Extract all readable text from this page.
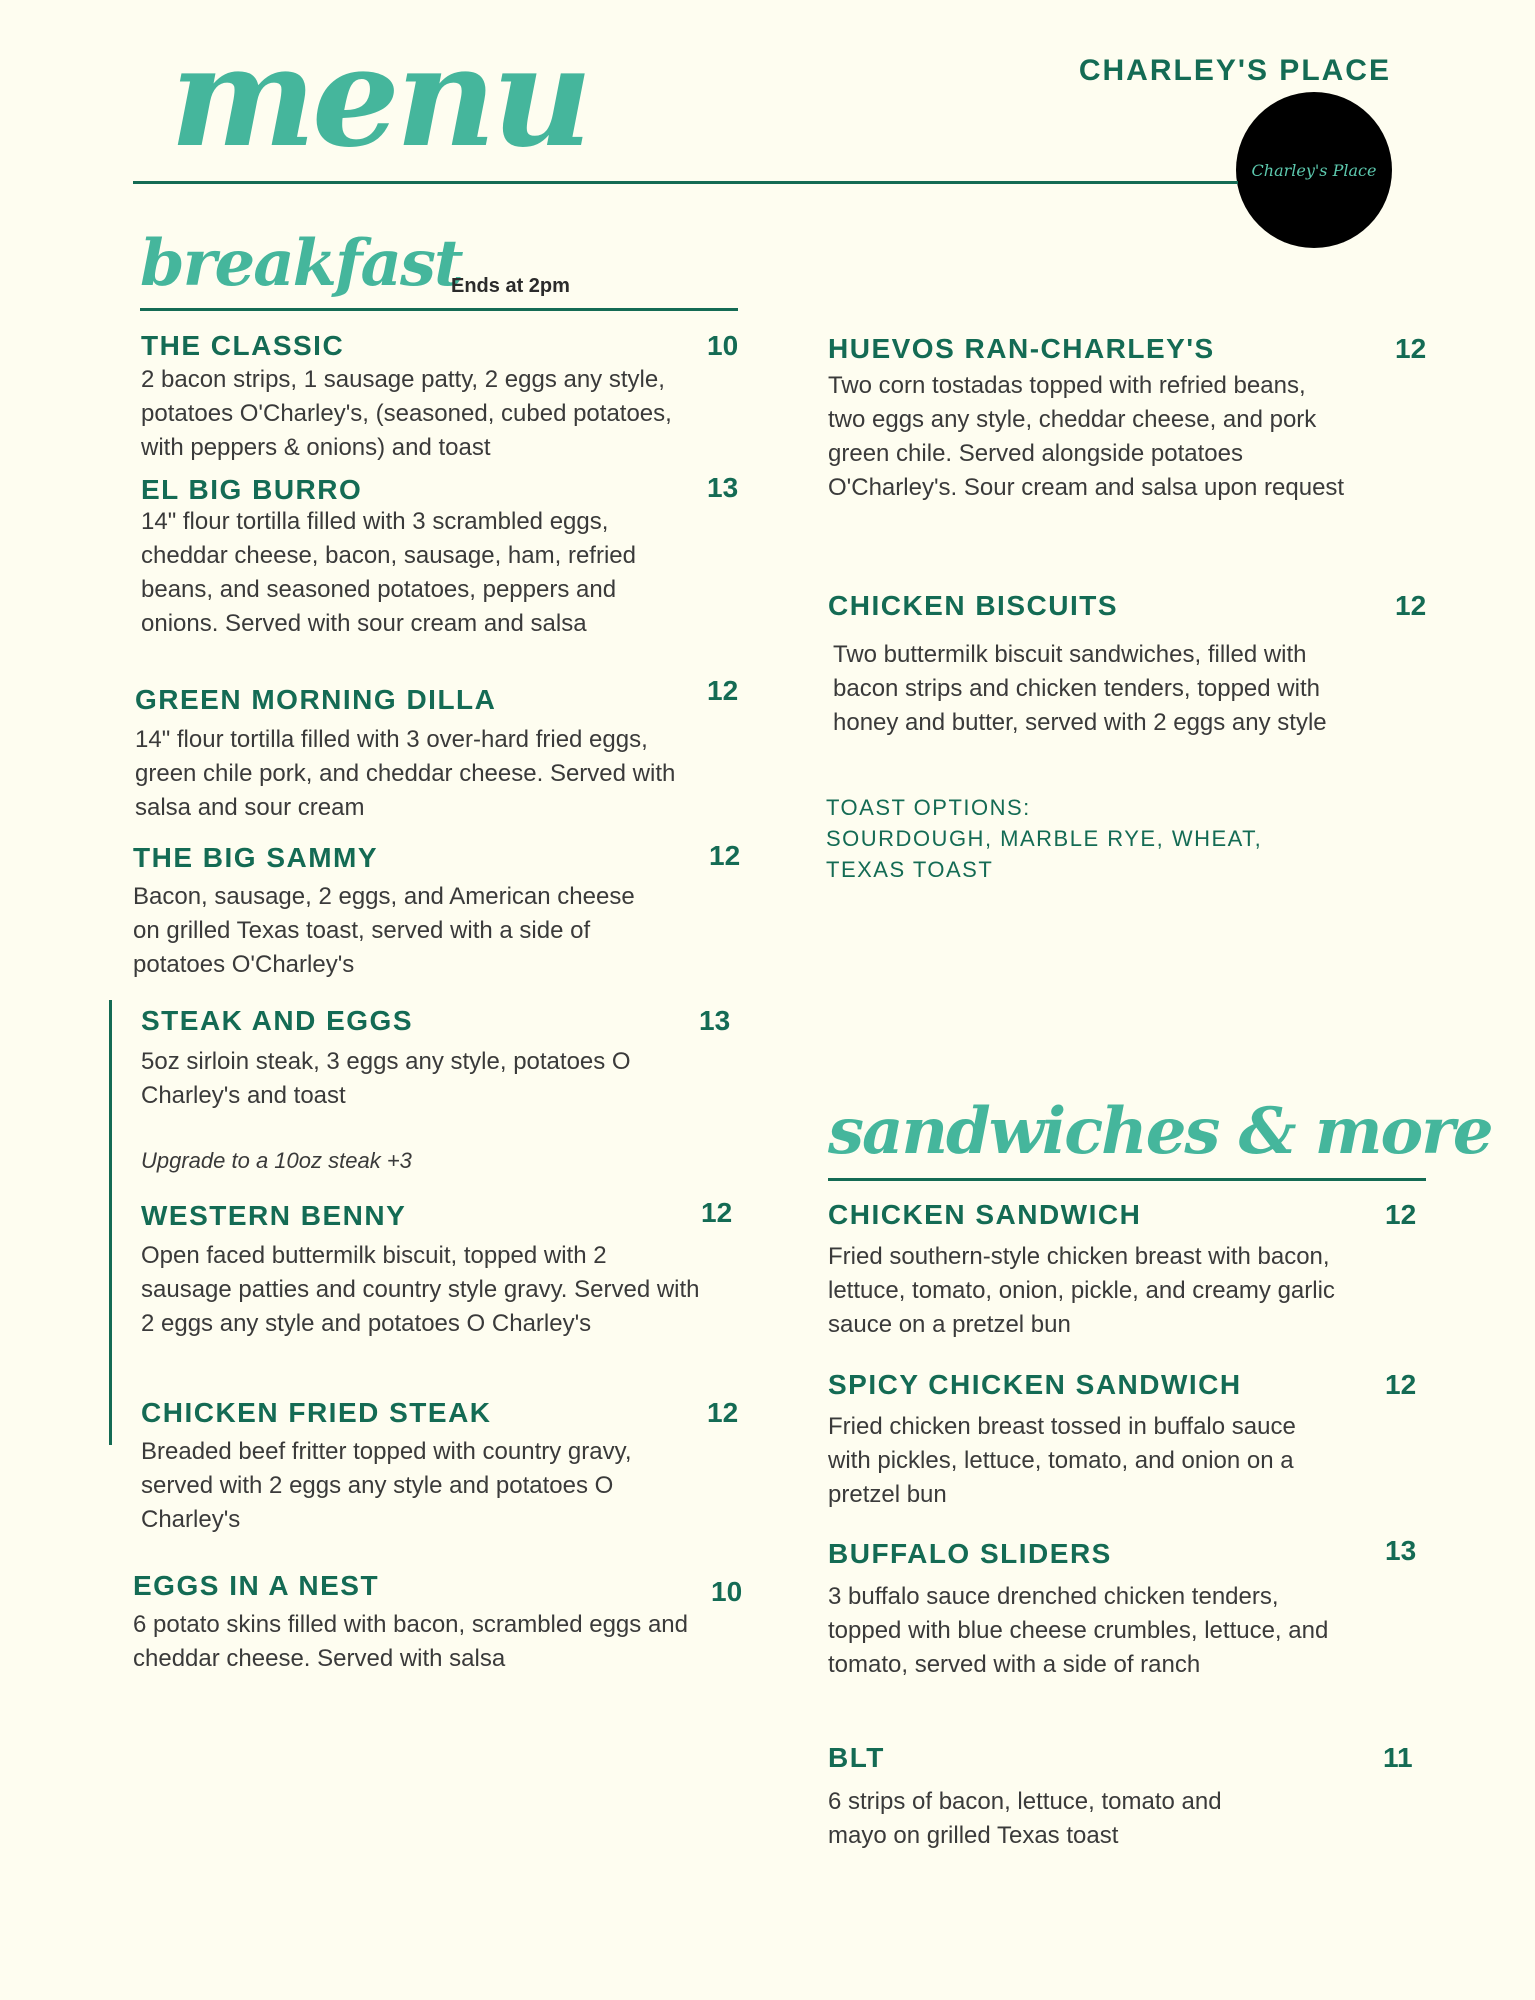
menu	CHARLEY'S PLACE
Charley's Place
breakfast
Ends at 2pm
THE CLASSIC	10
2 bacon strips, 1 sausage patty, 2 eggs any style, potatoes O'Charley's, (seasoned, cubed potatoes, with peppers & onions) and toast
EL BIG BURRO	13
14" flour tortilla filled with 3 scrambled eggs, cheddar cheese, bacon, sausage, ham, refried beans, and seasoned potatoes, peppers and onions. Served with sour cream and salsa
GREEN MORNING DILLA	12
14" flour tortilla filled with 3 over-hard fried eggs, green chile pork, and cheddar cheese. Served with salsa and sour cream
THE BIG SAMMY	12
Bacon, sausage, 2 eggs, and American cheese on grilled Texas toast, served with a side of potatoes O'Charley's
STEAK AND EGGS	13
5oz sirloin steak, 3 eggs any style, potatoes O Charley's and toast
Upgrade to a 10oz steak +3
WESTERN BENNY	12
Open faced buttermilk biscuit, topped with 2 sausage patties and country style gravy. Served with 2 eggs any style and potatoes O Charley's
CHICKEN FRIED STEAK	12
Breaded beef fritter topped with country gravy, served with 2 eggs any style and potatoes O Charley's
EGGS IN A NEST	10
6 potato skins filled with bacon, scrambled eggs and cheddar cheese. Served with salsa
HUEVOS RAN-CHARLEY'S	12
Two corn tostadas topped with refried beans, two eggs any style, cheddar cheese, and pork green chile. Served alongside potatoes O'Charley's. Sour cream and salsa upon request
CHICKEN BISCUITS	12
Two buttermilk biscuit sandwiches, filled with bacon strips and chicken tenders, topped with honey and butter, served with 2 eggs any style
TOAST OPTIONS:
SOURDOUGH, MARBLE RYE, WHEAT,
TEXAS TOAST
sandwiches & more
CHICKEN SANDWICH	12
Fried southern-style chicken breast with bacon, lettuce, tomato, onion, pickle, and creamy garlic sauce on a pretzel bun
SPICY CHICKEN SANDWICH	12
Fried chicken breast tossed in buffalo sauce with pickles, lettuce, tomato, and onion on a pretzel bun
BUFFALO SLIDERS	13
3 buffalo sauce drenched chicken tenders, topped with blue cheese crumbles, lettuce, and tomato, served with a side of ranch
BLT	11
6 strips of bacon, lettuce, tomato and mayo on grilled Texas toast
